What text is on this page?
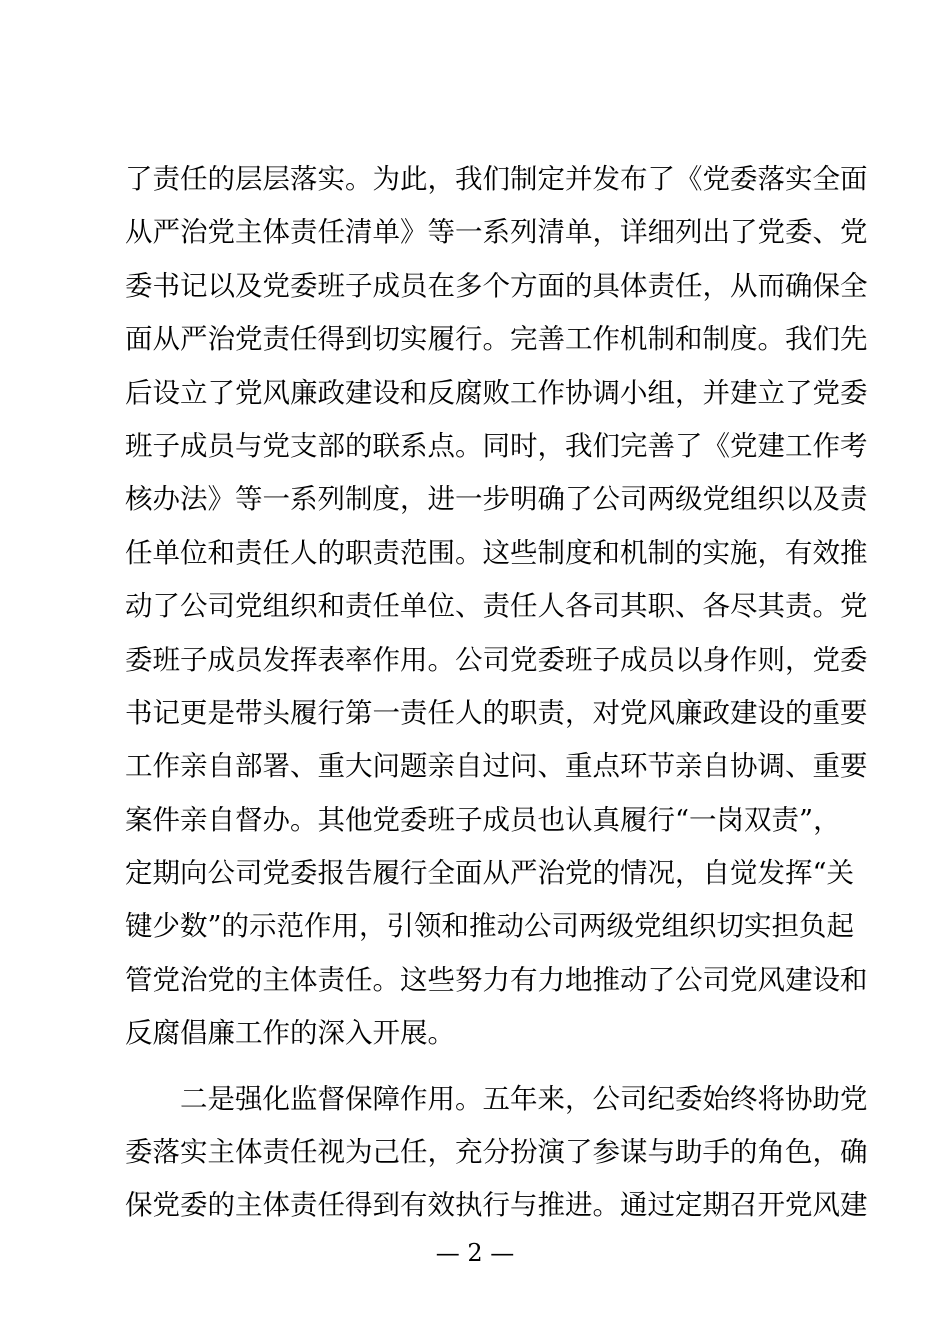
了责任的层层落实。为此，我们制定并发布了《党委落实全面
从严治党主体责任清单》等一系列清单，详细列出了党委、党
委书记以及党委班子成员在多个方面的具体责任，从而确保全
面从严治党责任得到切实履行。完善工作机制和制度。我们先
后设立了党风廉政建设和反腐败工作协调小组，并建立了党委
班子成员与党支部的联系点。同时，我们完善了《党建工作考
核办法》等一系列制度，进一步明确了公司两级党组织以及责
任单位和责任人的职责范围。这些制度和机制的实施，有效推
动了公司党组织和责任单位、责任人各司其职、各尽其责。党
委班子成员发挥表率作用。公司党委班子成员以身作则，党委
书记更是带头履行第一责任人的职责，对党风廉政建设的重要
工作亲自部署、重大问题亲自过问、重点环节亲自协调、重要
案件亲自督办。其他党委班子成员也认真履行“一岗双责”，
定期向公司党委报告履行全面从严治党的情况，自觉发挥“关
键少数”的示范作用，引领和推动公司两级党组织切实担负起
管党治党的主体责任。这些努力有力地推动了公司党风建设和
反腐倡廉工作的深入开展。
　　二是强化监督保障作用。五年来，公司纪委始终将协助党
委落实主体责任视为己任，充分扮演了参谋与助手的角色，确
保党委的主体责任得到有效执行与推进。通过定期召开党风建
— 2 —
